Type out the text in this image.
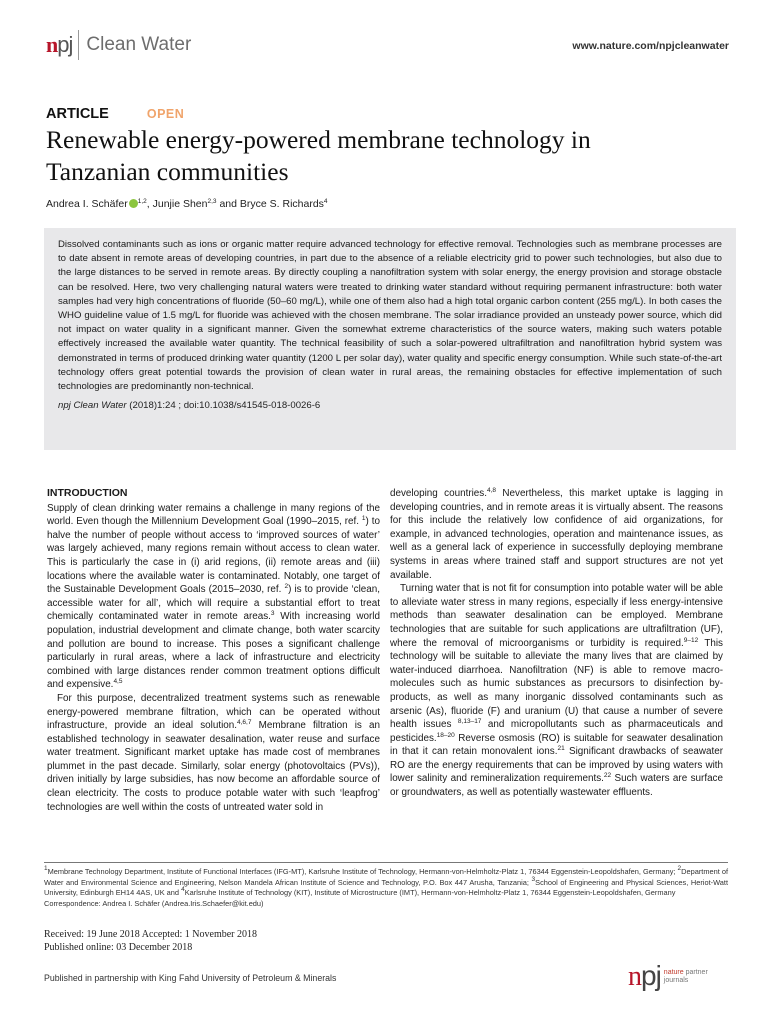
npj Clean Water	www.nature.com/npjcleanwater
ARTICLE	OPEN
Renewable energy-powered membrane technology in Tanzanian communities
Andrea I. Schäfer $^{1,2}$, Junjie Shen$^{2,3}$ and Bryce S. Richards$^4$

Dissolved contaminants such as ions or organic matter require advanced technology for effective removal. Technologies such as membrane processes are to date absent in remote areas of developing countries, in part due to the absence of a reliable electricity grid to power such technologies, but also due to the large distances to be served in remote areas. By directly coupling a nanofiltration system with solar energy, the energy provision and storage obstacle can be resolved. Here, two very challenging natural waters were treated to drinking water standard without requiring permanent infrastructure: both water samples had very high concentrations of fluoride (50–60 mg/L), while one of them also had a high total organic carbon content (255 mg/L). In both cases the WHO guideline value of 1.5 mg/L for fluoride was achieved with the chosen membrane. The solar irradiance provided an unsteady power source, which did not impact on water quality in a significant manner. Given the somewhat extreme characteristics of the source waters, making such waters potable effectively increased the available water quantity. The technical feasibility of such a solar-powered ultrafiltration and nanofiltration hybrid system was demonstrated in terms of produced drinking water quantity (1200 L per solar day), water quality and specific energy consumption. While such state-of-the-art technology offers great potential towards the provision of clean water in rural areas, the remaining obstacles for effective implementation of such technologies are predominantly non-technical.

npj Clean Water (2018)1:24 ; doi:10.1038/s41545-018-0026-6
INTRODUCTION

Supply of clean drinking water remains a challenge in many regions of the world. Even though the Millennium Development Goal (1990–2015, ref. $^1$) to halve the number of people without access to ‘improved sources of water’ was largely achieved, many regions remain without access to clean water. This is particularly the case in (i) arid regions, (ii) remote areas and (iii) locations where the available water is contaminated. Notably, one target of the Sustainable Development Goals (2015–2030, ref. $^2$) is to provide ‘clean, accessible water for all’, which will require a substantial effort to treat chemically contaminated water in remote areas.$^3$ With increasing world population, industrial development and climate change, both water scarcity and pollution are bound to increase. This poses a significant challenge particularly in rural areas, where a lack of infrastructure and electricity combined with large distances render common treatment options difficult and expensive.$^{4,5}$

For this purpose, decentralized treatment systems such as renewable energy-powered membrane filtration, which can be operated without infrastructure, provide an ideal solution.$^{4,6,7}$ Membrane filtration is an established technology in seawater desalination, water reuse and surface water treatment. Significant market uptake has made cost of membranes plummet in the past decade. Similarly, solar energy (photovoltaics (PVs)), driven initially by large subsidies, has now become an affordable source of clean electricity. The costs to produce potable water with such ‘leapfrog’ technologies are well within the costs of untreated water sold in

developing countries.$^{4,8}$ Nevertheless, this market uptake is lagging in developing countries, and in remote areas it is virtually absent. The reasons for this include the relatively low confidence of aid organizations, for example, in advanced technologies, operation and maintenance issues, as well as a general lack of experience in successfully deploying membrane systems in areas where trained staff and support structures are not yet available.

Turning water that is not fit for consumption into potable water will be able to alleviate water stress in many regions, especially if less energy-intensive methods than seawater desalination can be employed. Membrane technologies that are suitable for such applications are ultrafiltration (UF), where the removal of microorganisms or turbidity is required.$^{9-12}$ This technology will be suitable to alleviate the many lives that are claimed by water-induced diarrhoea. Nanofiltration (NF) is able to remove macro-molecules such as humic substances as precursors to disinfection by-products, as well as many inorganic dissolved contaminants such as arsenic (As), fluoride (F) and uranium (U) that cause a number of severe health issues $^{8,13-17}$ and micropollutants such as pharmaceuticals and pesticides.$^{18-20}$ Reverse osmosis (RO) is suitable for seawater desalination in that it can retain monovalent ions.$^{21}$ Significant drawbacks of seawater RO are the energy requirements that can be improved by using waters with lower salinity and remineralization requirements.$^{22}$ Such waters are surface or groundwaters, as well as potentially wastewater effluents.

$^1$Membrane Technology Department, Institute of Functional Interfaces (IFG-MT), Karlsruhe Institute of Technology, Hermann-von-Helmholtz-Platz 1, 76344 Eggenstein-Leopoldshafen, Germany; $^2$Department of Water and Environmental Science and Engineering, Nelson Mandela African Institute of Science and Technology, P.O. Box 447 Arusha, Tanzania; $^3$School of Engineering and Physical Sciences, Heriot-Watt University, Edinburgh EH14 4AS, UK and $^4$Karlsruhe Institute of Technology (KIT), Institute of Microstructure (IMT), Hermann-von-Helmholtz-Platz 1, 76344 Eggenstein-Leopoldshafen, Germany

Correspondence: Andrea I. Schäfer (Andrea.Iris.Schaefer@kit.edu)

Received: 19 June 2018 Accepted: 1 November 2018
Published online: 03 December 2018
Published in partnership with King Fahd University of Petroleum & Minerals	npj nature partner
journals
